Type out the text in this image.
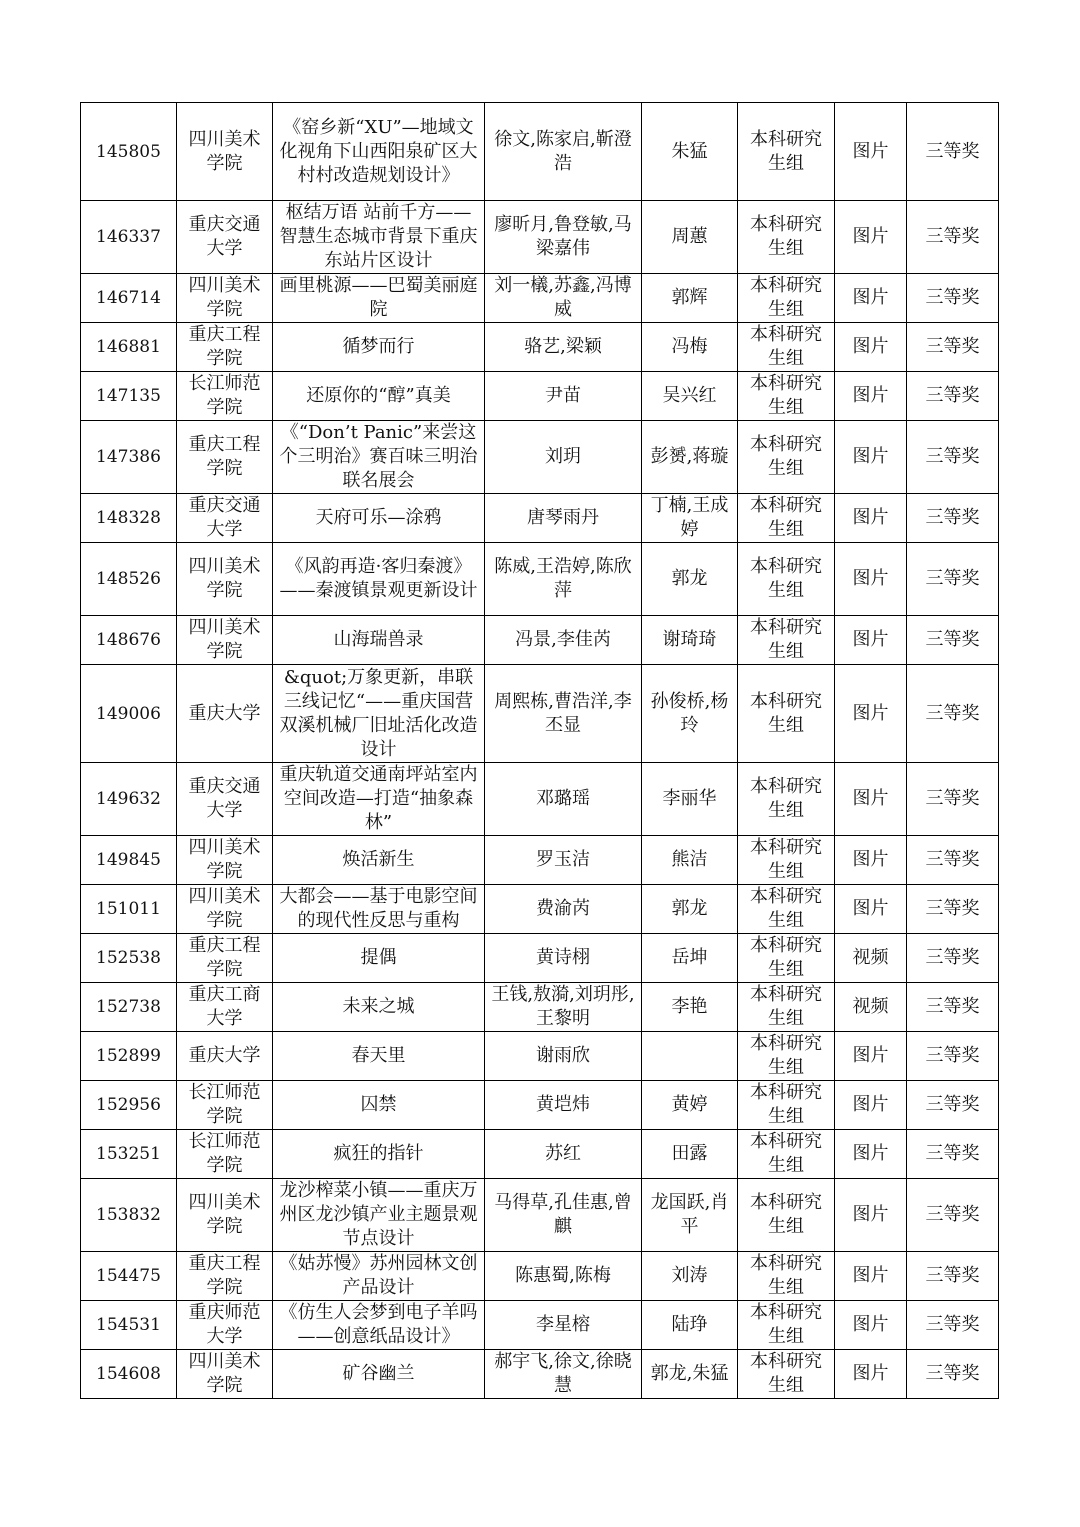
145805	四川美术学院	《窑乡新“XU”—地域文化视角下山西阳泉矿区大村村改造规划设计》	徐文,陈家启,靳澄浩	朱猛	本科研究生组	图片	三等奖
146337	重庆交通大学	枢结万语 站前千方——智慧生态城市背景下重庆东站片区设计	廖昕月,鲁登敏,马梁嘉伟	周蕙	本科研究生组	图片	三等奖
146714	四川美术学院	画里桃源——巴蜀美丽庭院	刘一檥,苏鑫,冯博威	郭辉	本科研究生组	图片	三等奖
146881	重庆工程学院	循梦而行	骆艺,梁颖	冯梅	本科研究生组	图片	三等奖
147135	长江师范学院	还原你的“醇”真美	尹苗	吴兴红	本科研究生组	图片	三等奖
147386	重庆工程学院	《“Don’t Panic”来尝这个三明治》赛百味三明治联名展会	刘玥	彭赟,蒋璇	本科研究生组	图片	三等奖
148328	重庆交通大学	天府可乐—涂鸦	唐琴雨丹	丁楠,王成婷	本科研究生组	图片	三等奖
148526	四川美术学院	《风韵再造·客归秦渡》——秦渡镇景观更新设计	陈威,王浩婷,陈欣萍	郭龙	本科研究生组	图片	三等奖
148676	四川美术学院	山海瑞兽录	冯景,李佳芮	谢琦琦	本科研究生组	图片	三等奖
149006	重庆大学	&quot;万象更新，串联三线记忆“——重庆国营双溪机械厂旧址活化改造设计	周熙栋,曹浩洋,李丕显	孙俊桥,杨玲	本科研究生组	图片	三等奖
149632	重庆交通大学	重庆轨道交通南坪站室内空间改造—打造“抽象森林”	邓璐瑶	李丽华	本科研究生组	图片	三等奖
149845	四川美术学院	焕活新生	罗玉洁	熊洁	本科研究生组	图片	三等奖
151011	四川美术学院	大都会——基于电影空间的现代性反思与重构	费渝芮	郭龙	本科研究生组	图片	三等奖
152538	重庆工程学院	提偶	黄诗栩	岳坤	本科研究生组	视频	三等奖
152738	重庆工商大学	未来之城	王钱,敖漪,刘玥彤,王黎明	李艳	本科研究生组	视频	三等奖
152899	重庆大学	春天里	谢雨欣		本科研究生组	图片	三等奖
152956	长江师范学院	囚禁	黄垲炜	黄婷	本科研究生组	图片	三等奖
153251	长江师范学院	疯狂的指针	苏红	田露	本科研究生组	图片	三等奖
153832	四川美术学院	龙沙榨菜小镇——重庆万州区龙沙镇产业主题景观节点设计	马得草,孔佳惠,曾麒	龙国跃,肖平	本科研究生组	图片	三等奖
154475	重庆工程学院	《姑苏慢》苏州园林文创产品设计	陈惠蜀,陈梅	刘涛	本科研究生组	图片	三等奖
154531	重庆师范大学	《仿生人会梦到电子羊吗——创意纸品设计》	李星榕	陆琤	本科研究生组	图片	三等奖
154608	四川美术学院	矿谷幽兰	郝宇飞,徐文,徐晓慧	郭龙,朱猛	本科研究生组	图片	三等奖
